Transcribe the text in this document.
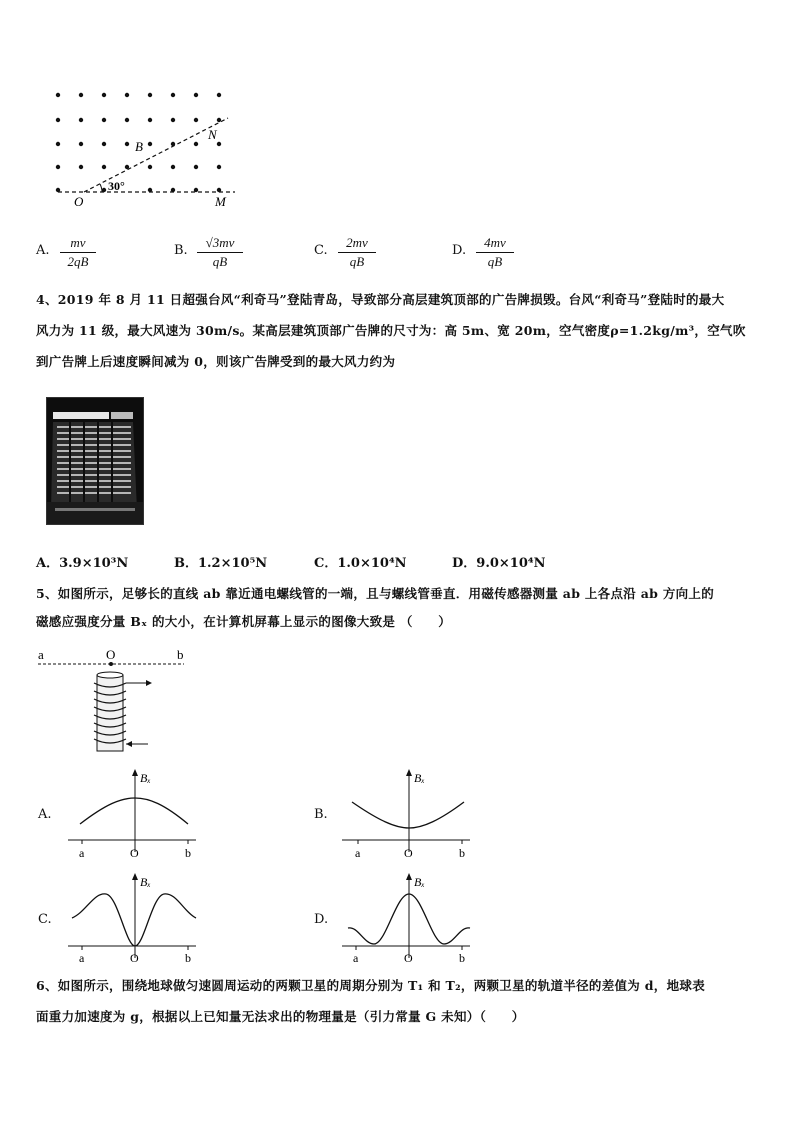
B
N
30°
O	M
A. $\frac{mv}{2qB}$	B. $\frac{√3mv}{qB}$	C. $\frac{2mv}{qB}$	D. $\frac{4mv}{qB}$
4、2019 年 8 月 11 日超强台风“利奇马”登陆青岛，导致部分高层建筑顶部的广告牌损毁。台风“利奇马”登陆时的最大
风力为 11 级，最大风速为 30m/s。某高层建筑顶部广告牌的尺寸为：高 5m、宽 20m，空气密度ρ=1.2kg/m³，空气吹
到广告牌上后速度瞬间减为 0，则该广告牌受到的最大风力约为
A．3.9×10³N	B．1.2×10⁵N	C．1.0×10⁴N	D．9.0×10⁴N
5、如图所示，足够长的直线 ab 靠近通电螺线管的一端，且与螺线管垂直．用磁传感器测量 ab 上各点沿 ab 方向上的
磁感应强度分量 Bₓ 的大小，在计算机屏幕上显示的图像大致是 （　　）
a	O	b
A.
Bₓ
a	O	b
B.
Bₓ
a	O	b
C.
Bₓ
a	O	b
D.
Bₓ
a	O	b
6、如图所示，围绕地球做匀速圆周运动的两颗卫星的周期分别为 T₁ 和 T₂，两颗卫星的轨道半径的差值为 d，地球表
面重力加速度为 g，根据以上已知量无法求出的物理量是（引力常量 G 未知）（　　）
